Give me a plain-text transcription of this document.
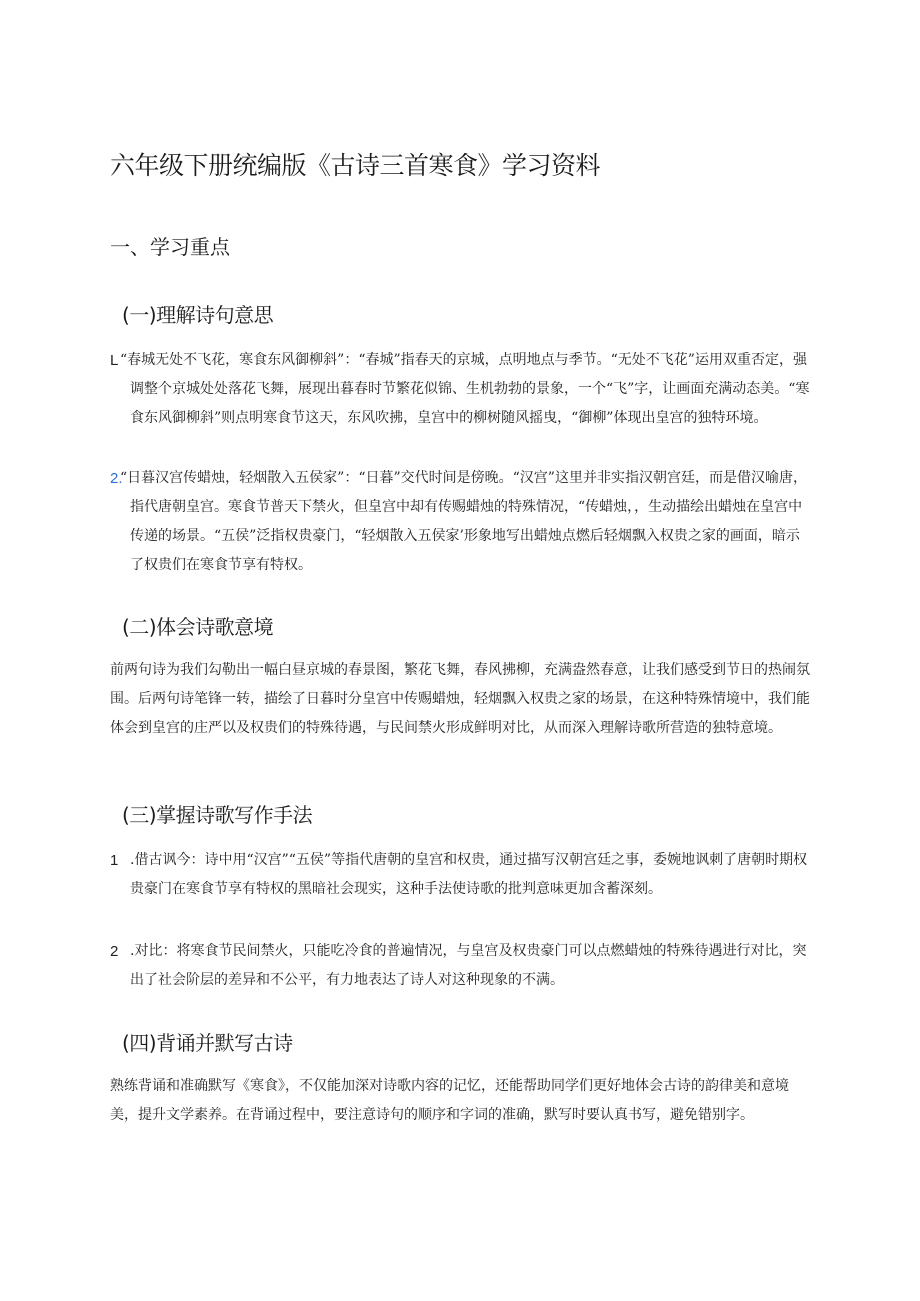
六年级下册统编版《古诗三首寒食》学习资料
一、学习重点
(一)理解诗句意思
L “春城无处不飞花，寒食东风御柳斜”：“春城”指春天的京城，点明地点与季节。“无处不飞花”运用双重否定，强调整个京城处处落花飞舞，展现出暮春时节繁花似锦、生机勃勃的景象，一个“飞”字，让画面充满动态美。“寒食东风御柳斜”则点明寒食节这天，东风吹拂，皇宫中的柳树随风摇曳，“御柳”体现出皇宫的独特环境。
2.
“日暮汉宫传蜡烛，轻烟散入五侯家”：“日暮”交代时间是傍晚。“汉宫”这里并非实指汉朝宫廷，而是借汉喻唐，指代唐朝皇宫。寒食节普天下禁火，但皇宫中却有传赐蜡烛的特殊情况，“传蜡烛，，生动描绘出蜡烛在皇宫中传递的场景。“五侯”泛指权贵豪门，“轻烟散入五侯家’形象地写出蜡烛点燃后轻烟飘入权贵之家的画面，暗示了权贵们在寒食节享有特权。
(二)体会诗歌意境
前两句诗为我们勾勒出一幅白昼京城的春景图，繁花飞舞，春风拂柳，充满盎然春意，让我们感受到节日的热闹氛围。后两句诗笔锋一转，描绘了日暮时分皇宫中传赐蜡烛，轻烟飘入权贵之家的场景，在这种特殊情境中，我们能体会到皇宫的庄严以及权贵们的特殊待遇，与民间禁火形成鲜明对比，从而深入理解诗歌所营造的独特意境。
(三)掌握诗歌写作手法
1 .借古讽今：诗中用“汉宫”“五侯”等指代唐朝的皇宫和权贵，通过描写汉朝宫廷之事，委婉地讽刺了唐朝时期权贵豪门在寒食节享有特权的黑暗社会现实，这种手法使诗歌的批判意味更加含蓄深刻。
2 .对比：将寒食节民间禁火，只能吃冷食的普遍情况，与皇宫及权贵豪门可以点燃蜡烛的特殊待遇进行对比，突出了社会阶层的差异和不公平，有力地表达了诗人对这种现象的不满。
(四)背诵并默写古诗
熟练背诵和准确默写《寒食》，不仅能加深对诗歌内容的记忆，还能帮助同学们更好地体会古诗的韵律美和意境美，提升文学素养。在背诵过程中，要注意诗句的顺序和字词的准确，默写时要认真书写，避免错别字。
